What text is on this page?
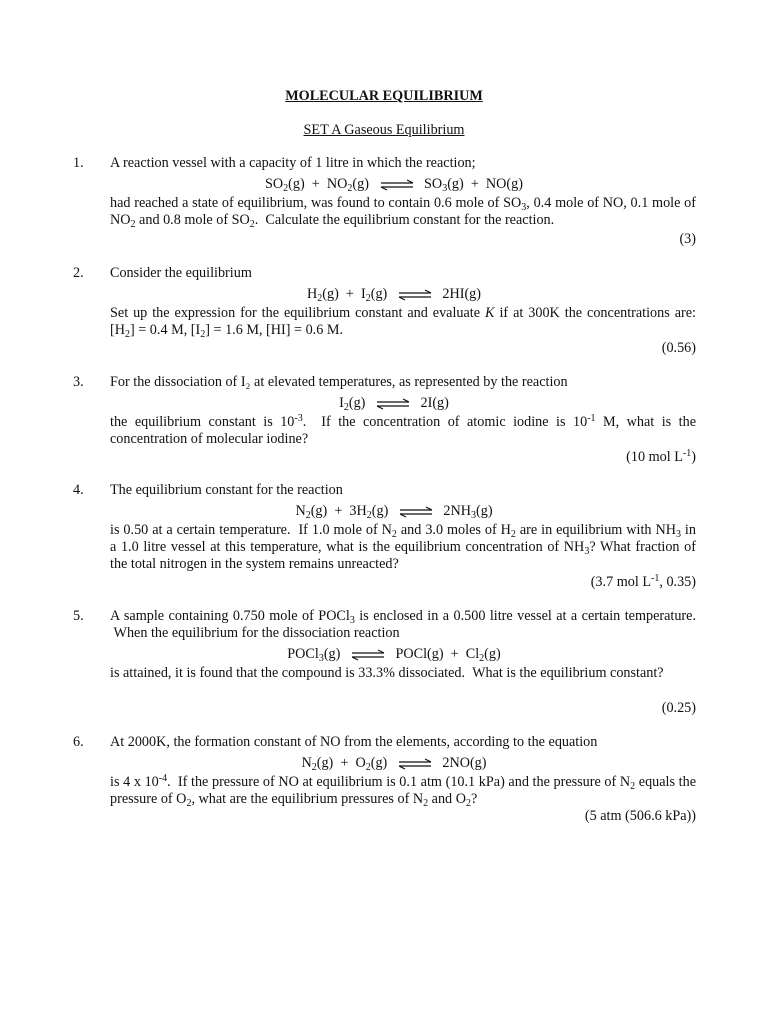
MOLECULAR EQUILIBRIUM
SET A Gaseous Equilibrium
1. A reaction vessel with a capacity of 1 litre in which the reaction;
$SO_2(g) + NO_2(g)$ ⇌ $SO_3(g) + NO(g)$
had reached a state of equilibrium, was found to contain 0.6 mole of $SO_3$, 0.4 mole of NO, 0.1 mole of $NO_2$ and 0.8 mole of $SO_2$.  Calculate the equilibrium constant for the reaction.
(3)
2. Consider the equilibrium
$H_2(g) + I_2(g)$ ⇌ 2HI(g)
Set up the expression for the equilibrium constant and evaluate K if at 300K the concentrations are: $[H_2] = 0.4$ M, $[I_2] = 1.6$ M, [HI] = 0.6 M.
(0.56)
3. For the dissociation of I₂ at elevated temperatures, as represented by the reaction
$I_2(g)$ ⇌ 2I(g)
the equilibrium constant is $10^{-3}$.  If the concentration of atomic iodine is $10^{-1}$ M, what is the concentration of molecular iodine?
(10 mol $L^{-1}$)
4. The equilibrium constant for the reaction
$N_2(g) + 3H_2(g)$ ⇌ $2NH_3(g)$
is 0.50 at a certain temperature.  If 1.0 mole of $N_2$ and 3.0 moles of $H_2$ are in equilibrium with $NH_3$ in a 1.0 litre vessel at this temperature, what is the equilibrium concentration of $NH_3$? What fraction of the total nitrogen in the system remains unreacted?
(3.7 mol $L^{-1}$, 0.35)
5. A sample containing 0.750 mole of POCl$_3$ is enclosed in a 0.500 litre vessel at a certain temperature.  When the equilibrium for the dissociation reaction
POCl$_3$(g) ⇌ POCl(g)  +  $Cl_2(g)$
is attained, it is found that the compound is 33.3% dissociated.  What is the equilibrium constant?
(0.25)
6. At 2000K, the formation constant of NO from the elements, according to the equation
$N_2(g) + O_2(g)$ ⇌ 2NO(g)
is 4 x $10^{-4}$.  If the pressure of NO at equilibrium is 0.1 atm (10.1 kPa) and the pressure of $N_2$ equals the pressure of $O_2$, what are the equilibrium pressures of $N_2$ and $O_2$?
(5 atm (506.6 kPa))
